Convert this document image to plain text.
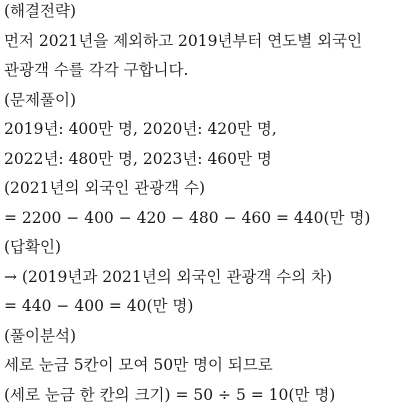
(해결전략)
먼저 2021년을 제외하고 2019년부터 연도별 외국인
관광객 수를 각각 구합니다.
(문제풀이)
2019년: 400만 명, 2020년: 420만 명,
2022년: 480만 명, 2023년: 460만 명
(2021년의 외국인 관광객 수)
= 2200 − 400 − 420 − 480 − 460 = 440(만 명)
(답확인)
→ (2019년과 2021년의 외국인 관광객 수의 차)
= 440 − 400 = 40(만 명)
(풀이분석)
세로 눈금 5칸이 모여 50만 명이 되므로
(세로 눈금 한 칸의 크기) = 50 ÷ 5 = 10(만 명)
